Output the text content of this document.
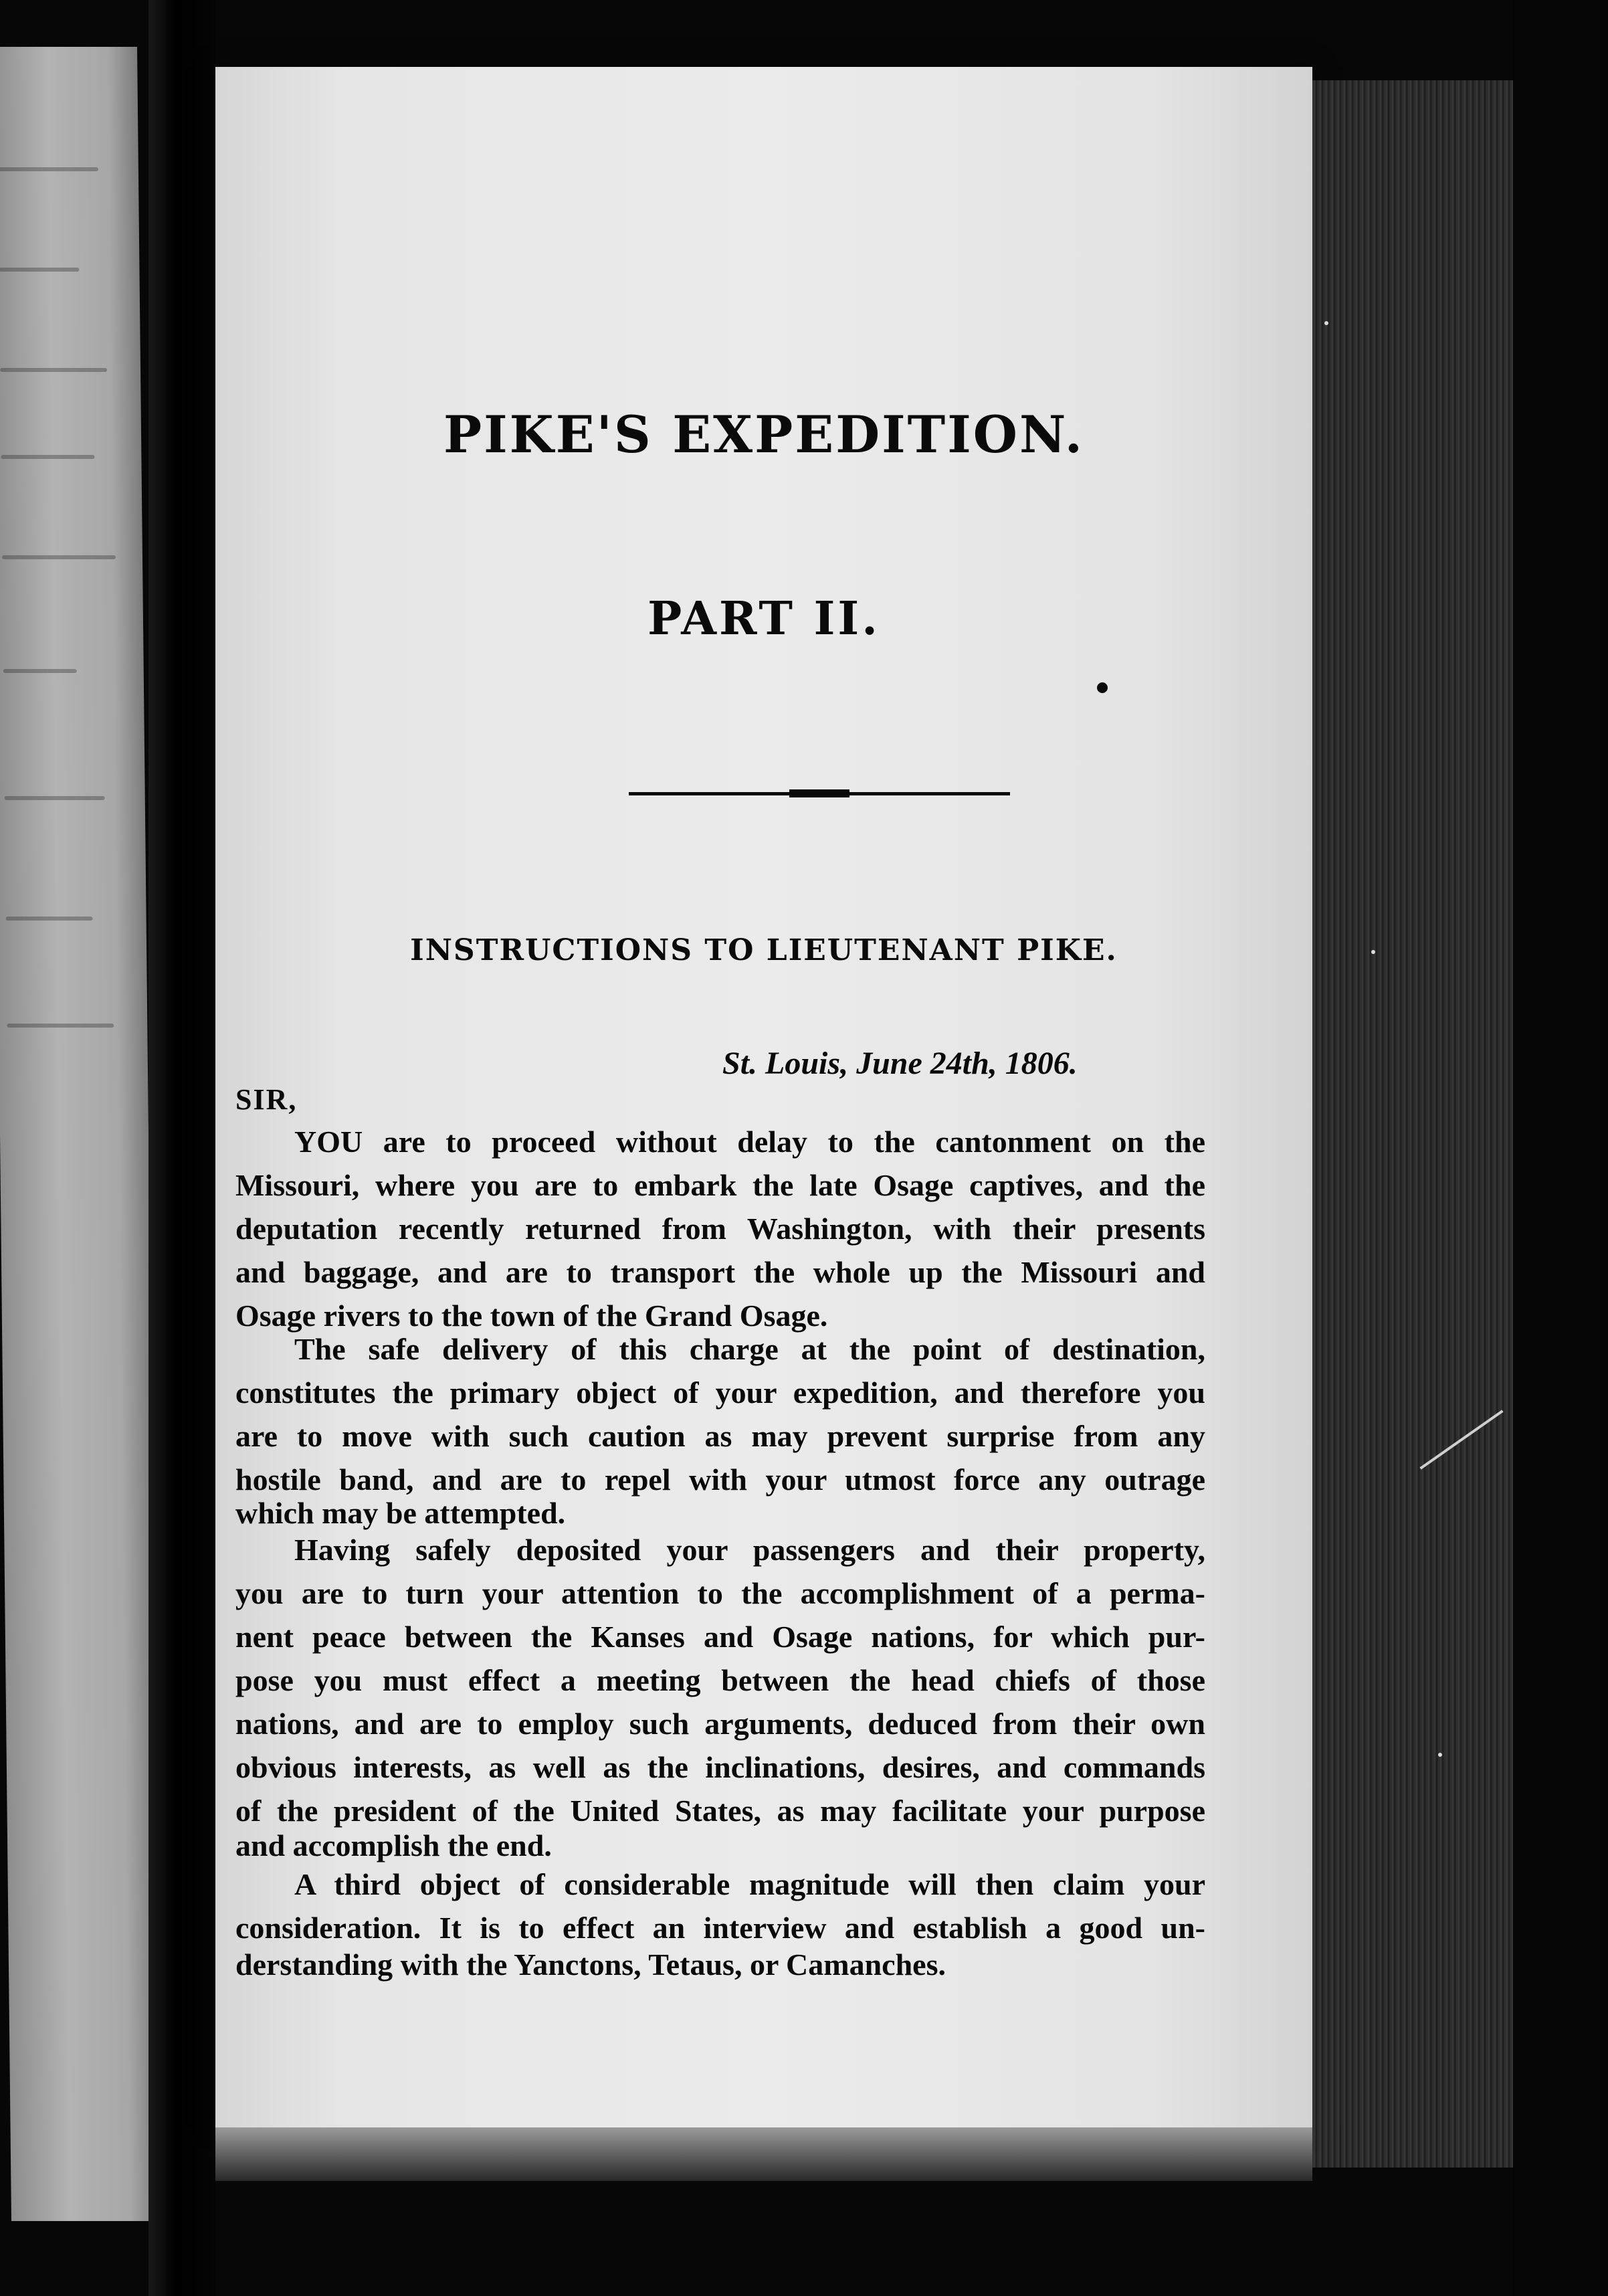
PIKE'S EXPEDITION.
PART II.
INSTRUCTIONS TO LIEUTENANT PIKE.
St. Louis, June 24th, 1806.
SIR,
YOU are to proceed without delay to the cantonment on the
Missouri, where you are to embark the late Osage captives, and the
deputation recently returned from Washington, with their presents
and baggage, and are to transport the whole up the Missouri and
Osage rivers to the town of the Grand Osage.
The safe delivery of this charge at the point of destination,
constitutes the primary object of your expedition, and therefore you
are to move with such caution as may prevent surprise from any
hostile band, and are to repel with your utmost force any outrage
which may be attempted.
Having safely deposited your passengers and their property,
you are to turn your attention to the accomplishment of a perma-
nent peace between the Kanses and Osage nations, for which pur-
pose you must effect a meeting between the head chiefs of those
nations, and are to employ such arguments, deduced from their own
obvious interests, as well as the inclinations, desires, and commands
of the president of the United States, as may facilitate your purpose
and accomplish the end.
A third object of considerable magnitude will then claim your
consideration. It is to effect an interview and establish a good un-
derstanding with the Yanctons, Tetaus, or Camanches.
